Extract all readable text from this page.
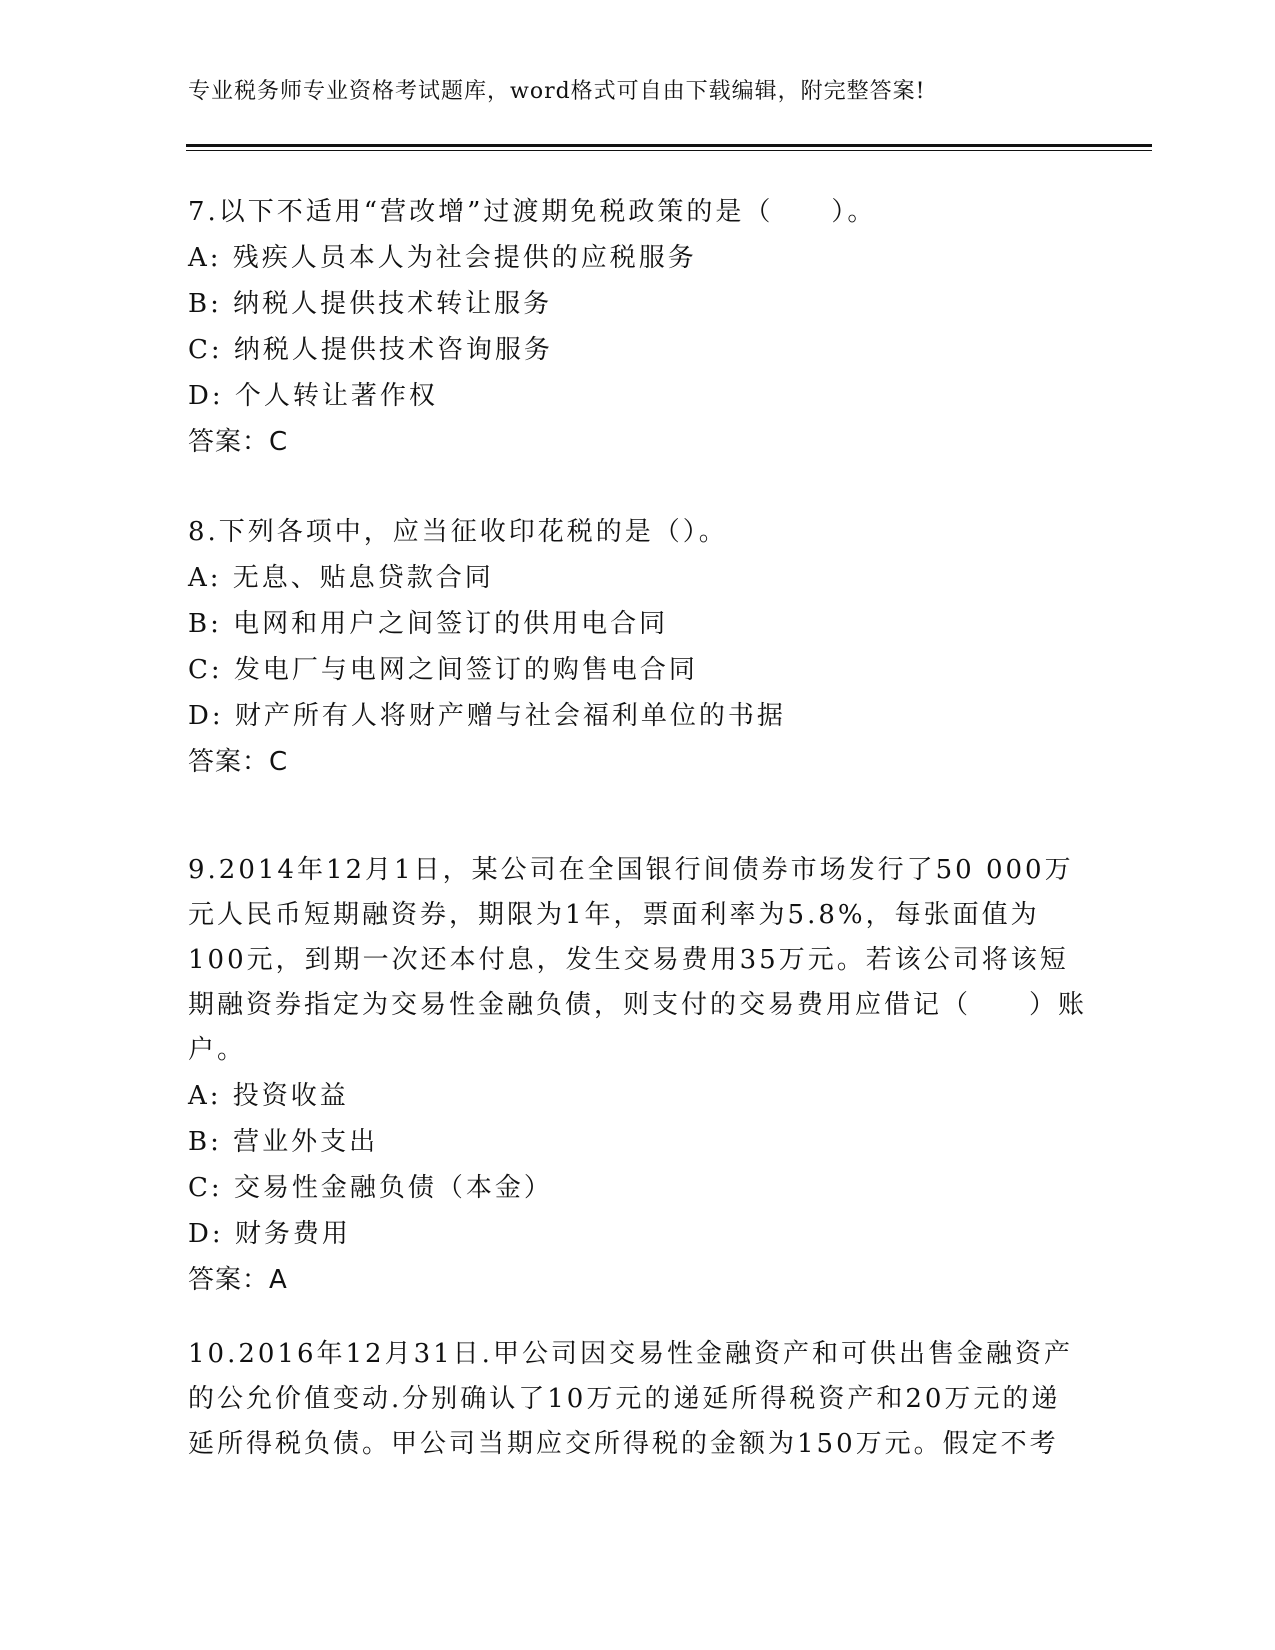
专业税务师专业资格考试题库，word格式可自由下载编辑，附完整答案!
7.以下不适用“营改增”过渡期免税政策的是（　　）。
A: 残疾人员本人为社会提供的应税服务
B: 纳税人提供技术转让服务
C: 纳税人提供技术咨询服务
D: 个人转让著作权
答案：C
8.下列各项中，应当征收印花税的是（）。
A: 无息、贴息贷款合同
B: 电网和用户之间签订的供用电合同
C: 发电厂与电网之间签订的购售电合同
D: 财产所有人将财产赠与社会福利单位的书据
答案：C
9.2014年12月1日，某公司在全国银行间债券市场发行了50 000万
元人民币短期融资券，期限为1年，票面利率为5.8%，每张面值为
100元，到期一次还本付息，发生交易费用35万元。若该公司将该短
期融资券指定为交易性金融负债，则支付的交易费用应借记（　　）账
户。
A: 投资收益
B: 营业外支出
C: 交易性金融负债（本金）
D: 财务费用
答案：A
10.2016年12月31日.甲公司因交易性金融资产和可供出售金融资产
的公允价值变动.分别确认了10万元的递延所得税资产和20万元的递
延所得税负债。甲公司当期应交所得税的金额为150万元。假定不考
